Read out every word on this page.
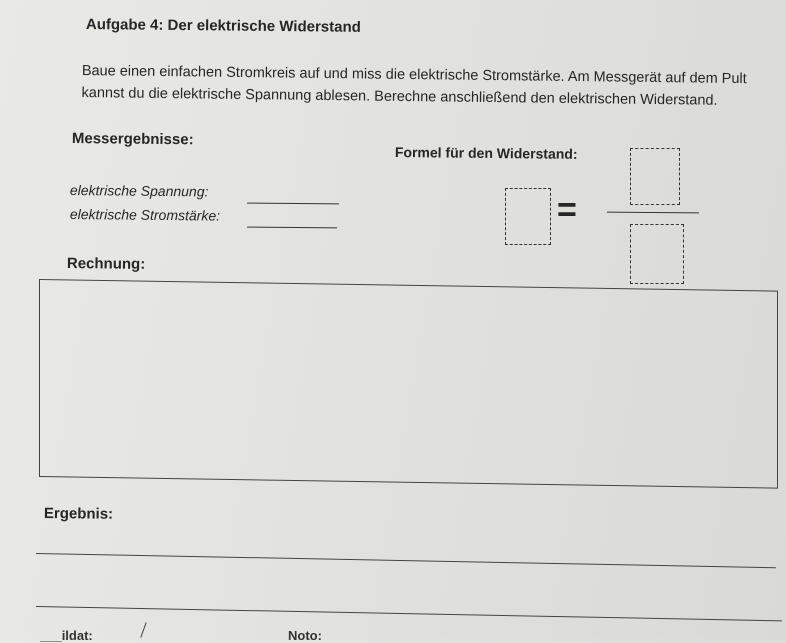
Aufgabe 4: Der elektrische Widerstand
Baue einen einfachen Stromkreis auf und miss die elektrische Stromstärke. Am Messgerät auf dem Pult kannst du die elektrische Spannung ablesen. Berechne anschließend den elektrischen Widerstand.
Messergebnisse:
Formel für den Widerstand:
elektrische Spannung:
elektrische Stromstärke:	=
Rechnung:
Ergebnis:
___ildat:	Noto:
